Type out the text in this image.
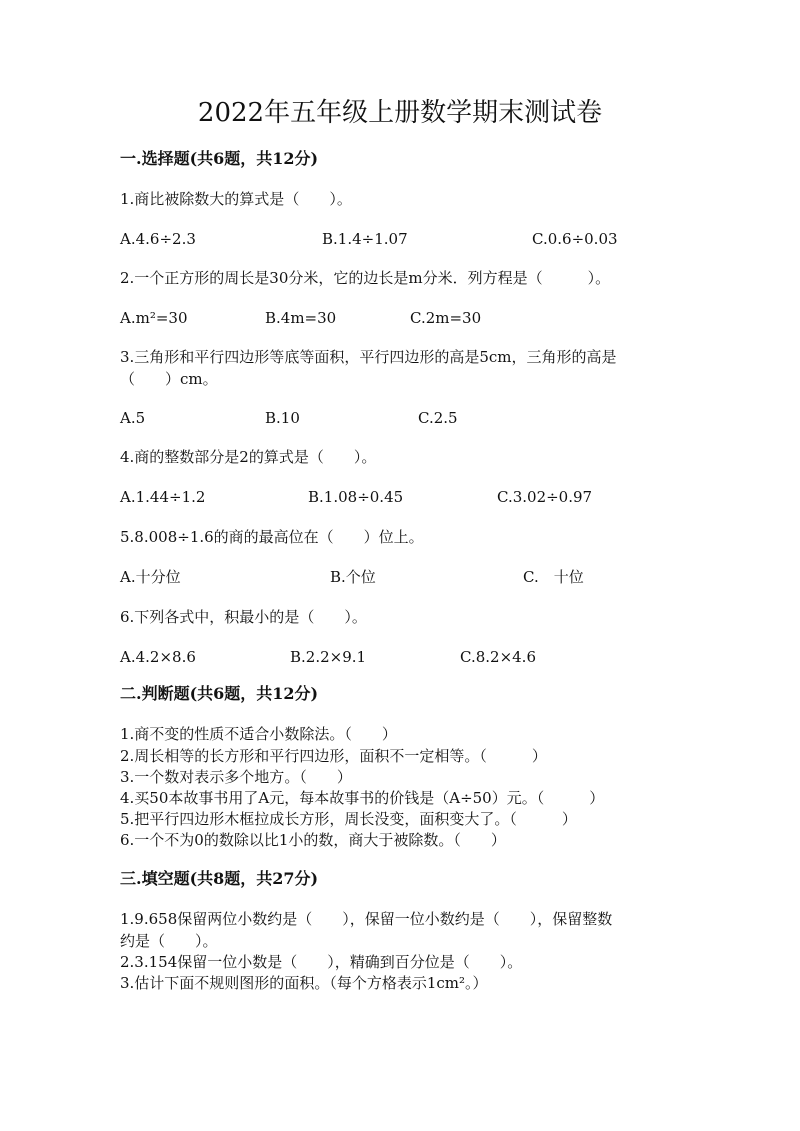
2022年五年级上册数学期末测试卷
一.选择题(共6题，共12分)
1.商比被除数大的算式是（　　）。
A.4.6÷2.3	B.1.4÷1.07	C.0.6÷0.03
2.一个正方形的周长是30分米，它的边长是m分米．列方程是（　　　）。
A.m²=30	B.4m=30	C.2m=30
3.三角形和平行四边形等底等面积，平行四边形的高是5cm，三角形的高是
（　　）cm。
A.5	B.10	C.2.5
4.商的整数部分是2的算式是（　　）。
A.1.44÷1.2	B.1.08÷0.45	C.3.02÷0.97
5.8.008÷1.6的商的最高位在（　　）位上。
A.十分位	B.个位	C.　十位
6.下列各式中，积最小的是（　　）。
A.4.2×8.6	B.2.2×9.1	C.8.2×4.6
二.判断题(共6题，共12分)
1.商不变的性质不适合小数除法。（　　）
2.周长相等的长方形和平行四边形，面积不一定相等。（　　　）
3.一个数对表示多个地方。（　　）
4.买50本故事书用了A元，每本故事书的价钱是（A÷50）元。（　　　）
5.把平行四边形木框拉成长方形，周长没变，面积变大了。（　　　）
6.一个不为0的数除以比1小的数，商大于被除数。（　　）
三.填空题(共8题，共27分)
1.9.658保留两位小数约是（　　），保留一位小数约是（　　），保留整数
约是（　　）。
2.3.154保留一位小数是（　　），精确到百分位是（　　）。
3.估计下面不规则图形的面积。（每个方格表示1cm²。）
